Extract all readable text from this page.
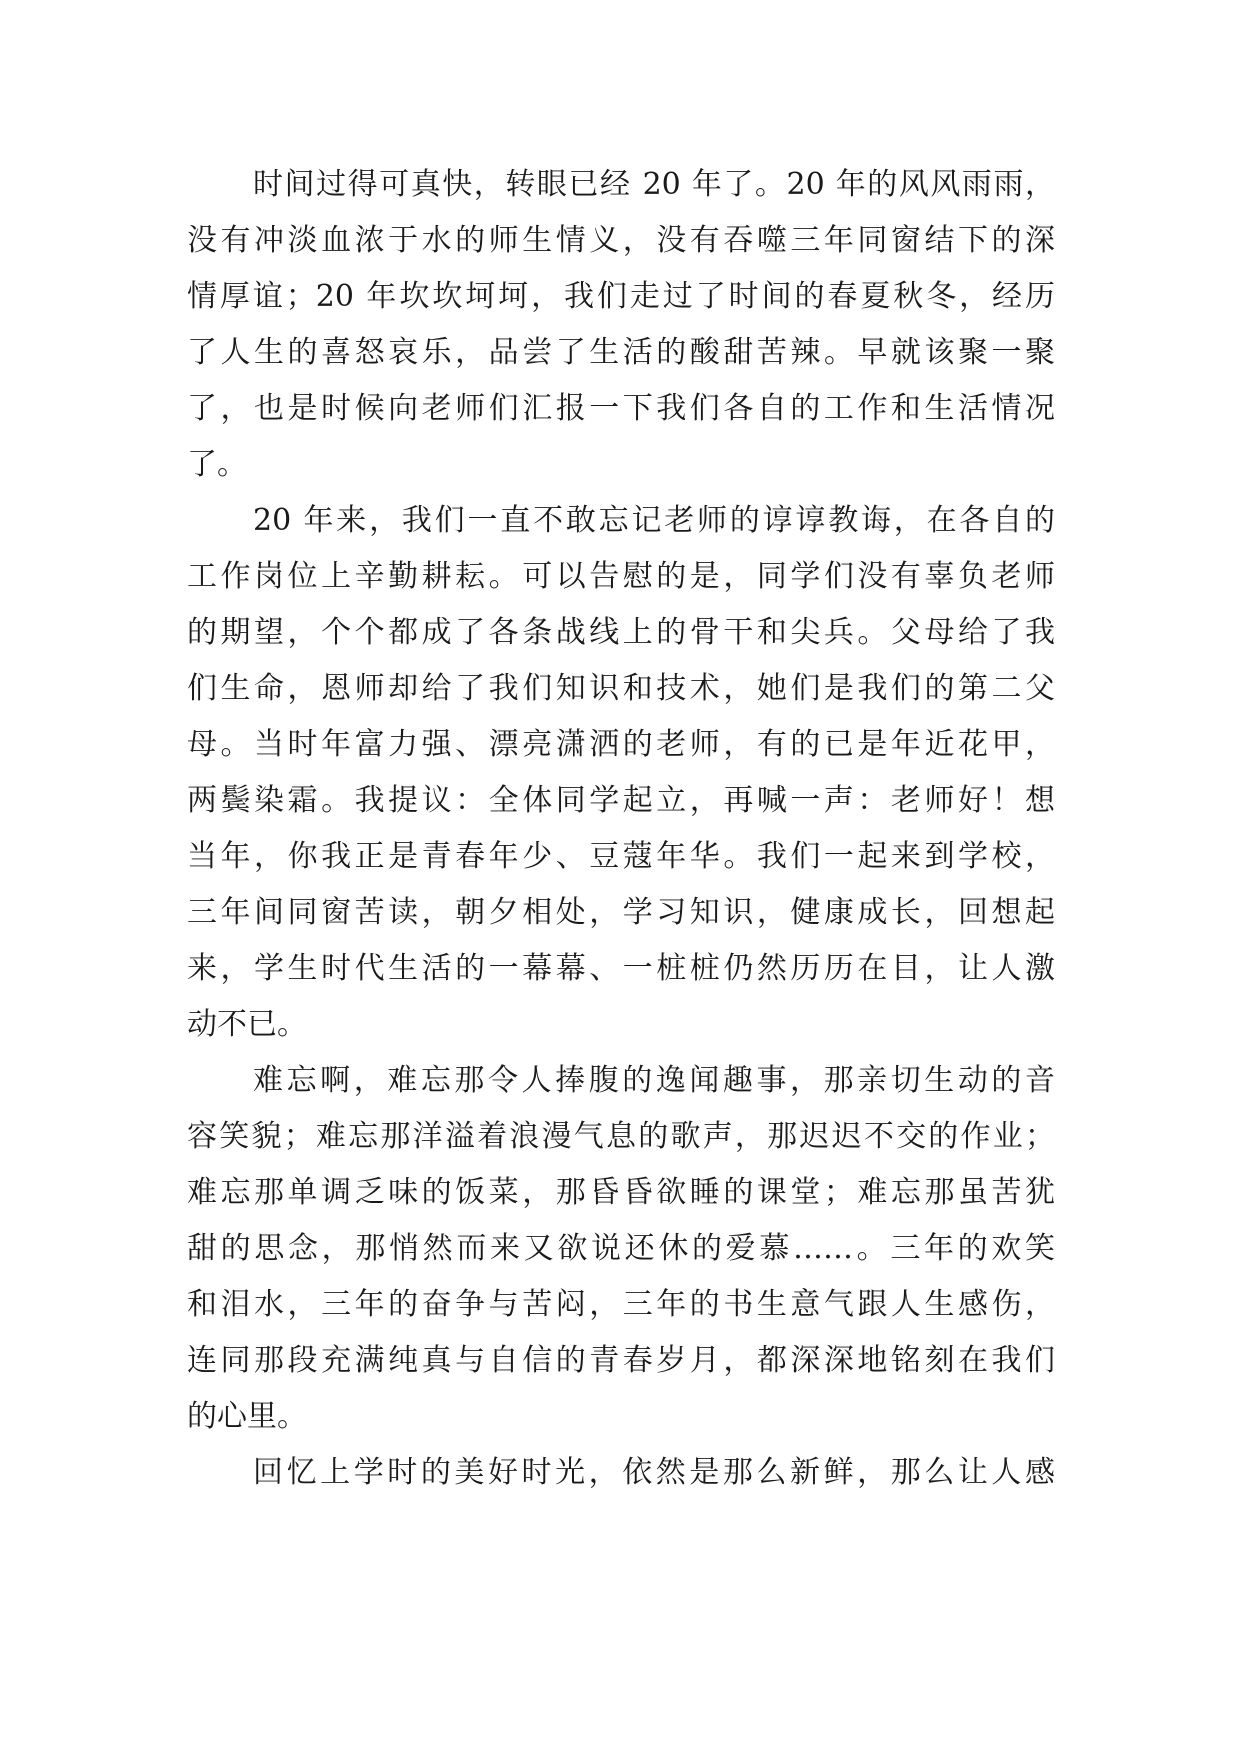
时间过得可真快，转眼已经 20 年了。20 年的风风雨雨，
没有冲淡血浓于水的师生情义，没有吞噬三年同窗结下的深
情厚谊；20 年坎坎坷坷，我们走过了时间的春夏秋冬，经历
了人生的喜怒哀乐，品尝了生活的酸甜苦辣。早就该聚一聚
了，也是时候向老师们汇报一下我们各自的工作和生活情况
了。
20 年来，我们一直不敢忘记老师的谆谆教诲，在各自的
工作岗位上辛勤耕耘。可以告慰的是，同学们没有辜负老师
的期望，个个都成了各条战线上的骨干和尖兵。父母给了我
们生命，恩师却给了我们知识和技术，她们是我们的第二父
母。当时年富力强、漂亮潇洒的老师，有的已是年近花甲，
两鬓染霜。我提议：全体同学起立，再喊一声：老师好！想
当年，你我正是青春年少、豆蔻年华。我们一起来到学校，
三年间同窗苦读，朝夕相处，学习知识，健康成长，回想起
来，学生时代生活的一幕幕、一桩桩仍然历历在目，让人激
动不已。
难忘啊，难忘那令人捧腹的逸闻趣事，那亲切生动的音
容笑貌；难忘那洋溢着浪漫气息的歌声，那迟迟不交的作业；
难忘那单调乏味的饭菜，那昏昏欲睡的课堂；难忘那虽苦犹
甜的思念，那悄然而来又欲说还休的爱慕……。三年的欢笑
和泪水，三年的奋争与苦闷，三年的书生意气跟人生感伤，
连同那段充满纯真与自信的青春岁月，都深深地铭刻在我们
的心里。
回忆上学时的美好时光，依然是那么新鲜，那么让人感
